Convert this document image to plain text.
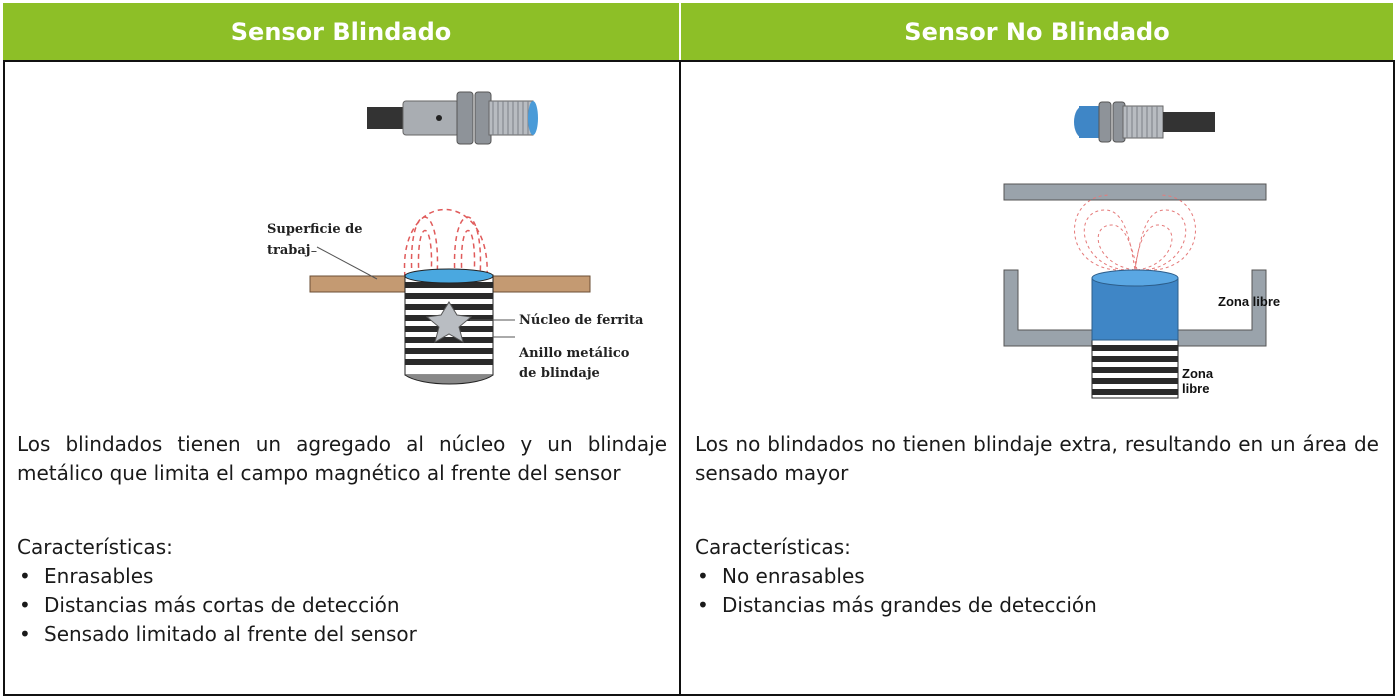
Sensor Blindado	Sensor No Blindado
Superficie de
trabaj₋
Núcleo de ferrita
Anillo metálico
de blindaje

Los blindados tienen un agregado al núcleo y un blindaje metálico que limita el campo magnético al frente del sensor

Características:

• Enrasables
• Distancias más cortas de detección
• Sensado limitado al frente del sensor
Zona libre
Zona
libre

Los no blindados no tienen blindaje extra, resultando en un área de sensado mayor

Características:

• No enrasables
• Distancias más grandes de detección
